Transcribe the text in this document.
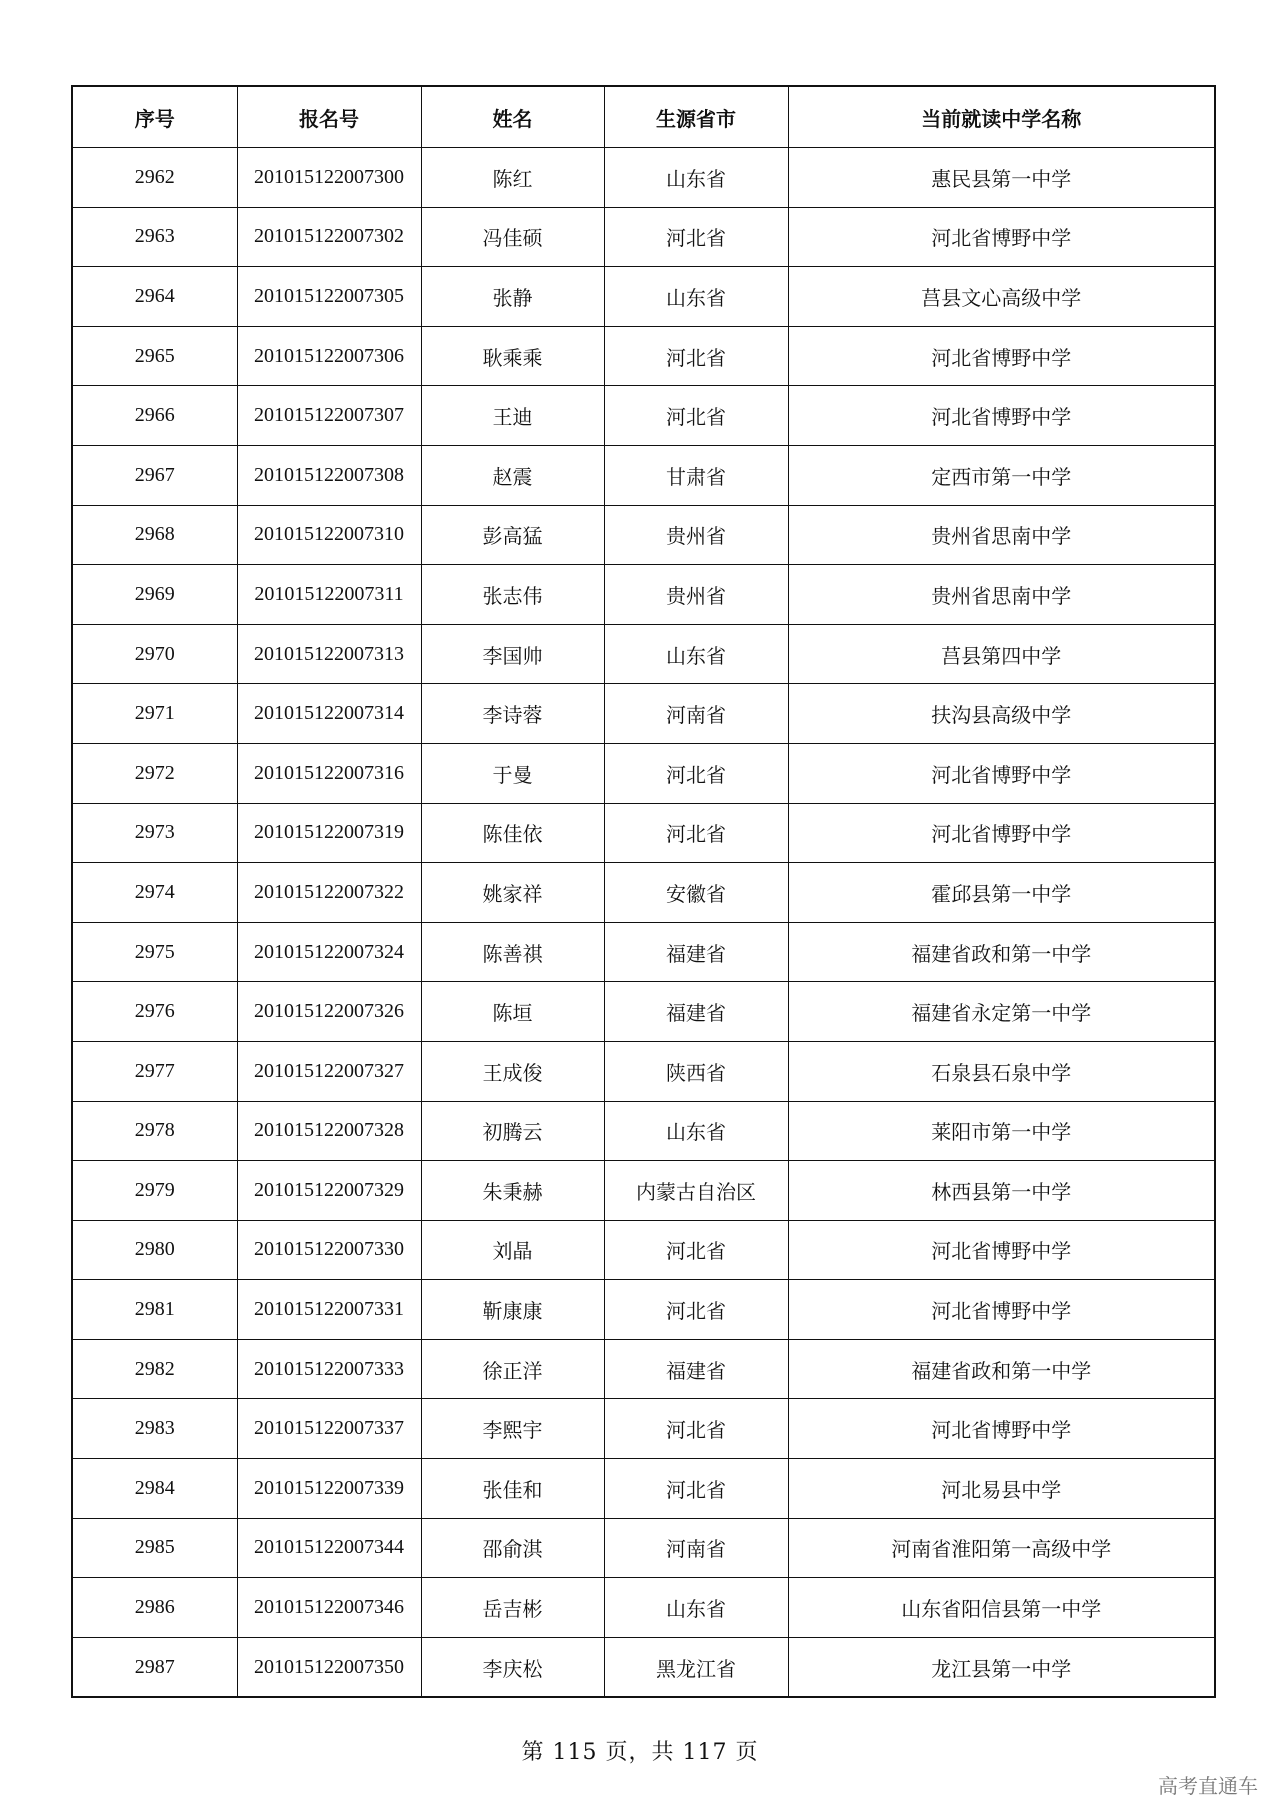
序号	报名号	姓名	生源省市	当前就读中学名称
2962	201015122007300	陈红	山东省	惠民县第一中学
2963	201015122007302	冯佳硕	河北省	河北省博野中学
2964	201015122007305	张静	山东省	莒县文心高级中学
2965	201015122007306	耿乘乘	河北省	河北省博野中学
2966	201015122007307	王迪	河北省	河北省博野中学
2967	201015122007308	赵震	甘肃省	定西市第一中学
2968	201015122007310	彭高猛	贵州省	贵州省思南中学
2969	201015122007311	张志伟	贵州省	贵州省思南中学
2970	201015122007313	李国帅	山东省	莒县第四中学
2971	201015122007314	李诗蓉	河南省	扶沟县高级中学
2972	201015122007316	于曼	河北省	河北省博野中学
2973	201015122007319	陈佳依	河北省	河北省博野中学
2974	201015122007322	姚家祥	安徽省	霍邱县第一中学
2975	201015122007324	陈善祺	福建省	福建省政和第一中学
2976	201015122007326	陈垣	福建省	福建省永定第一中学
2977	201015122007327	王成俊	陕西省	石泉县石泉中学
2978	201015122007328	初腾云	山东省	莱阳市第一中学
2979	201015122007329	朱秉赫	内蒙古自治区	林西县第一中学
2980	201015122007330	刘晶	河北省	河北省博野中学
2981	201015122007331	靳康康	河北省	河北省博野中学
2982	201015122007333	徐正洋	福建省	福建省政和第一中学
2983	201015122007337	李熙宇	河北省	河北省博野中学
2984	201015122007339	张佳和	河北省	河北易县中学
2985	201015122007344	邵俞淇	河南省	河南省淮阳第一高级中学
2986	201015122007346	岳吉彬	山东省	山东省阳信县第一中学
2987	201015122007350	李庆松	黑龙江省	龙江县第一中学
第 115 页，共 117 页
高考直通车
